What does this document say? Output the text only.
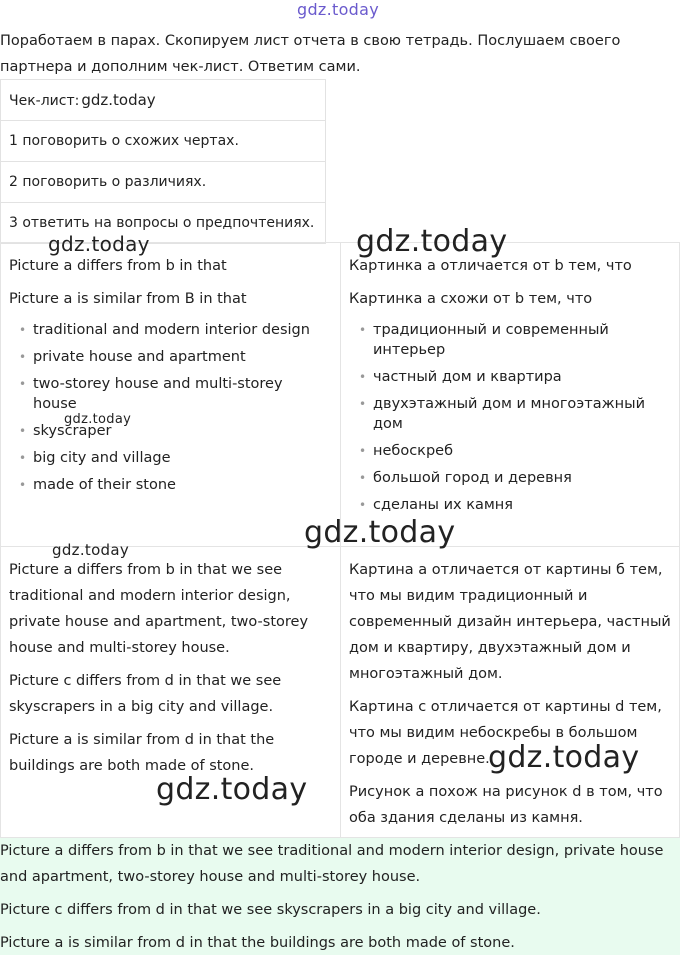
gdz.today
Поработаем в парах. Скопируем лист отчета в свою тетрадь. Послушаем своего партнера и дополним чек-лист. Ответим сами.
Чек-лист: gdz.today
1 поговорить о схожих чертах.
2 поговорить о различиях.
3 ответить на вопросы о предпочтениях.

Picture a differs from b in that

Picture a is similar from B in that

• traditional and modern interior design
• private house and apartment
• two-storey house and multi-storey house
• skyscraper
• big city and village
• made of their stone

Картинка а отличается от b тем, что

Картинка а схожи от b тем, что

• традиционный и современный интерьер
• частный дом и квартира
• двухэтажный дом и многоэтажный дом
• небоскреб
• большой город и деревня
• сделаны их камня

Picture a differs from b in that we see traditional and modern interior design, private house and apartment, two-storey house and multi-storey house.

Picture c differs from d in that we see skyscrapers in a big city and village.

Picture a is similar from d in that the buildings are both made of stone.

Картина а отличается от картины б тем, что мы видим традиционный и современный дизайн интерьера, частный дом и квартиру, двухэтажный дом и многоэтажный дом.

Картина с отличается от картины d тем, что мы видим небоскребы в большом городе и деревне.

Рисунок а похож на рисунок d в том, что оба здания сделаны из камня.

Picture a differs from b in that we see traditional and modern interior design, private house and apartment, two-storey house and multi-storey house.

Picture c differs from d in that we see skyscrapers in a big city and village.

Picture a is similar from d in that the buildings are both made of stone.

gdz.today	gdz.today
gdz.today
gdz.today
gdz.today
gdz.today
gdz.today
